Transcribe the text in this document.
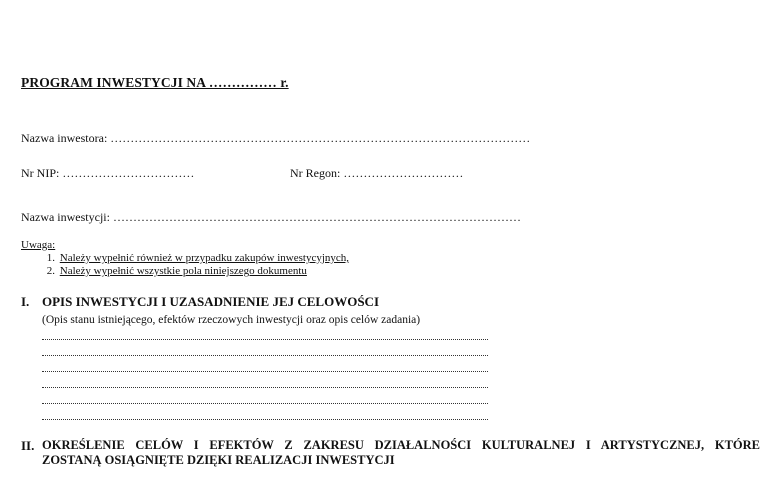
PROGRAM INWESTYCJI NA …………… r.
Nazwa inwestora: ……………………………………………………………………………………………
Nr NIP: ……………………………	Nr Regon: …………………………
Nazwa inwestycji: …………………………………………………………………………………………
Uwaga:
1. Należy wypełnić również w przypadku zakupów inwestycyjnych,
2. Należy wypełnić wszystkie pola niniejszego dokumentu
I. OPIS INWESTYCJI I UZASADNIENIE JEJ CELOWOŚCI
(Opis stanu istniejącego, efektów rzeczowych inwestycji oraz opis celów zadania)
II. OKREŚLENIE CELÓW I EFEKTÓW Z ZAKRESU DZIAŁALNOŚCI KULTURALNEJ I ARTYSTYCZNEJ, KTÓRE
ZOSTANĄ OSIĄGNIĘTE DZIĘKI REALIZACJI INWESTYCJI
